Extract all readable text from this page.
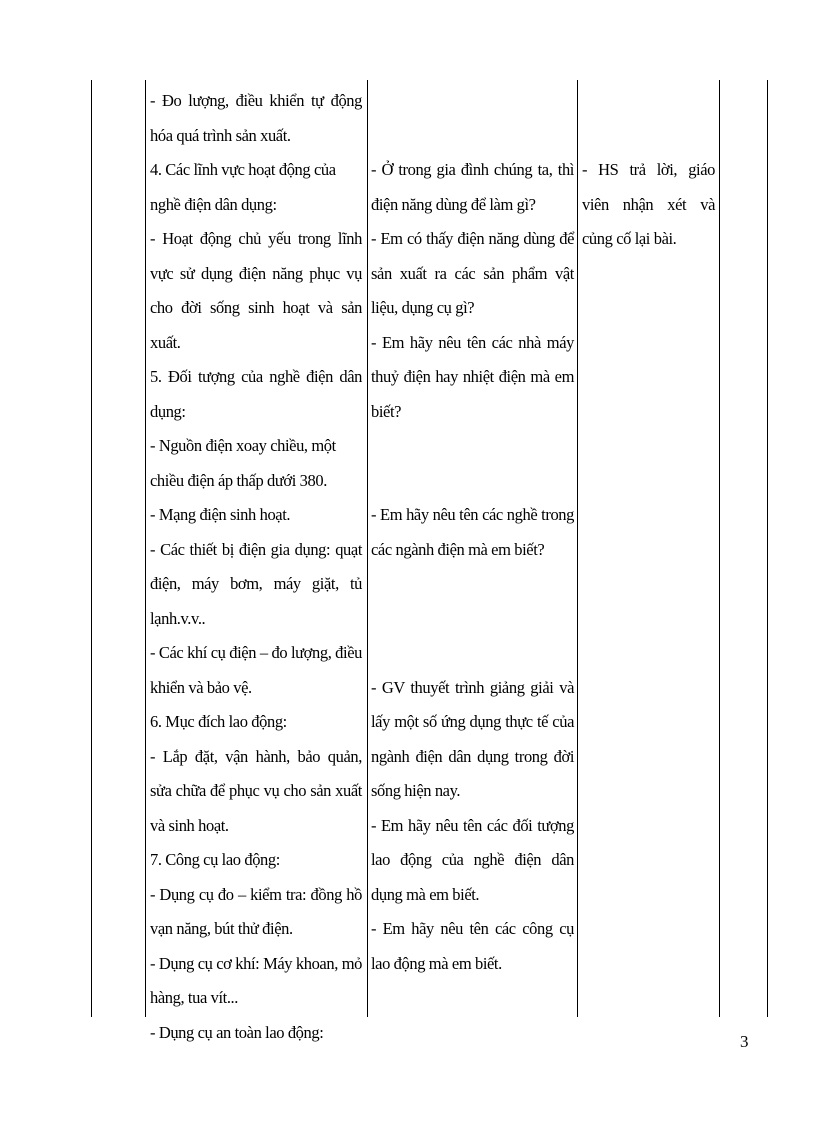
- Đo lượng, điều khiển tự động hóa quá trình sản xuất.

4. Các lĩnh vực hoạt động của nghề điện dân dụng:

- Hoạt động chủ yếu trong lĩnh vực sử dụng điện năng phục vụ cho đời sống sinh hoạt và sản xuất.

5. Đối tượng của nghề điện dân dụng:

- Nguồn điện xoay chiều, một chiều điện áp thấp dưới 380.

- Mạng điện sinh hoạt.

- Các thiết bị điện gia dụng: quạt điện, máy bơm, máy giặt, tủ lạnh.v.v..

- Các khí cụ điện – đo lượng, điều khiển và bảo vệ.

6. Mục đích lao động:

- Lắp đặt, vận hành, bảo quản, sửa chữa để phục vụ cho sản xuất và sinh hoạt.

7. Công cụ lao động:

- Dụng cụ đo – kiểm tra: đồng hồ vạn năng, bút thử điện.

- Dụng cụ cơ khí: Máy khoan, mỏ hàng, tua vít...

- Dụng cụ an toàn lao động:

- Ở trong gia đình chúng ta, thì điện năng dùng để làm gì?

- Em có thấy điện năng dùng để sản xuất ra các sản phẩm vật liệu, dụng cụ gì?

- Em hãy nêu tên các nhà máy thuỷ điện hay nhiệt điện mà em biết?

- Em hãy nêu tên các nghề trong các ngành điện mà em biết?

- GV thuyết trình giảng giải và lấy một số ứng dụng thực tế của ngành điện dân dụng trong đời sống hiện nay.

- Em hãy nêu tên các đối tượng lao động của nghề điện dân dụng mà em biết.

- Em hãy nêu tên các công cụ lao động mà em biết.

- HS trả lời, giáo viên nhận xét và củng cố lại bài.

3
